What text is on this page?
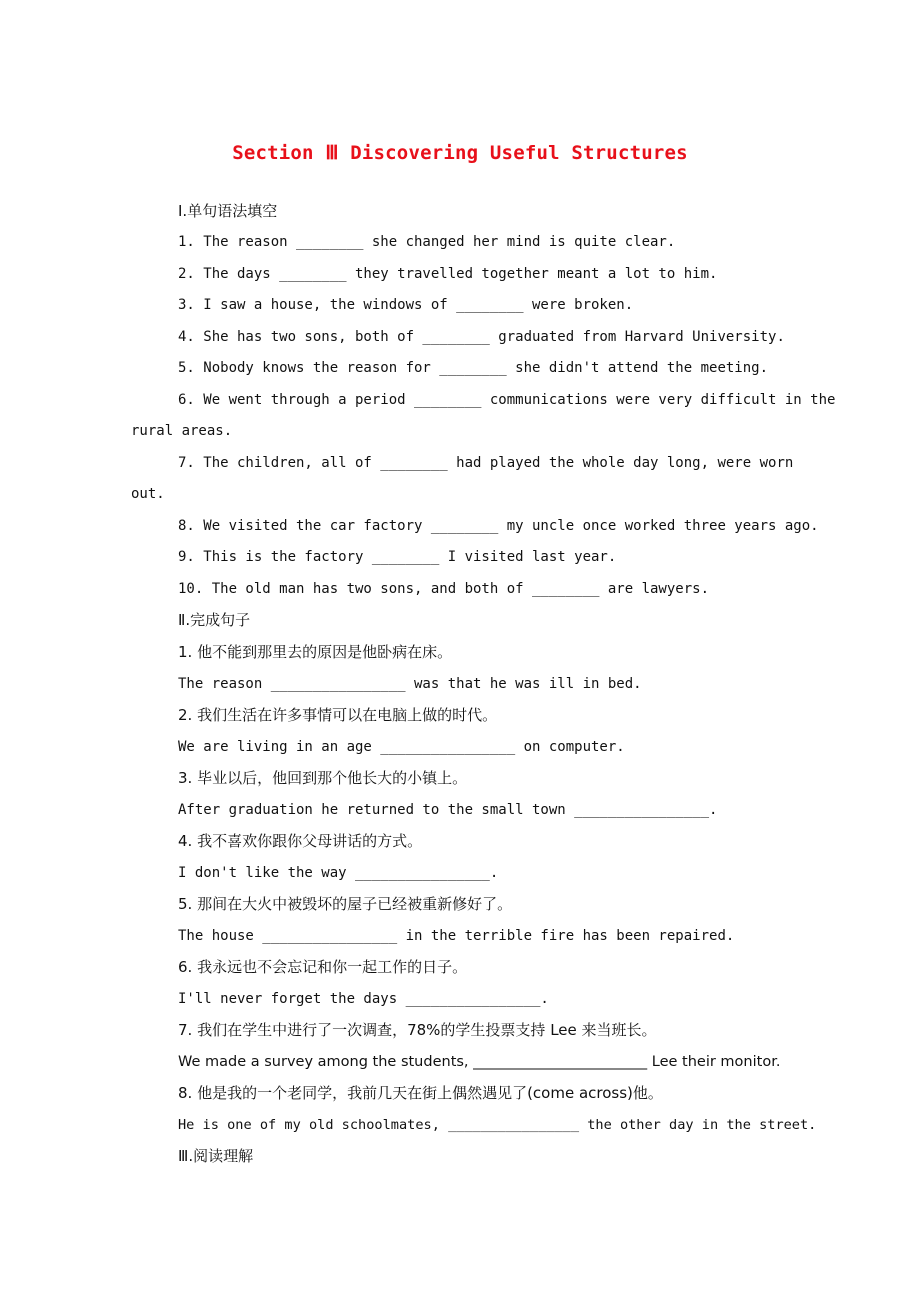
Section Ⅲ Discovering Useful Structures
Ⅰ.单句语法填空
1. The reason ________ she changed her mind is quite clear.
2. The days ________ they travelled together meant a lot to him.
3. I saw a house, the windows of ________ were broken.
4. She has two sons, both of ________ graduated from Harvard University.
5. Nobody knows the reason for ________ she didn't attend the meeting.
6. We went through a period ________ communications were very difficult in the
rural areas.
7. The children, all of ________ had played the whole day long, were worn
out.
8. We visited the car factory ________ my uncle once worked three years ago.
9. This is the factory ________ I visited last year.
10. The old man has two sons, and both of ________ are lawyers.
Ⅱ.完成句子
1. 他不能到那里去的原因是他卧病在床。
The reason ________________ was that he was ill in bed.
2. 我们生活在许多事情可以在电脑上做的时代。
We are living in an age ________________ on computer.
3. 毕业以后，他回到那个他长大的小镇上。
After graduation he returned to the small town ________________.
4. 我不喜欢你跟你父母讲话的方式。
I don't like the way ________________.
5. 那间在大火中被毁坏的屋子已经被重新修好了。
The house ________________ in the terrible fire has been repaired.
6. 我永远也不会忘记和你一起工作的日子。
I'll never forget the days ________________.
7. 我们在学生中进行了一次调查，78%的学生投票支持 Lee 来当班长。
We made a survey among the students, ________________________ Lee their monitor.
8. 他是我的一个老同学，我前几天在街上偶然遇见了(come across)他。
He is one of my old schoolmates, ________________ the other day in the street.
Ⅲ.阅读理解
